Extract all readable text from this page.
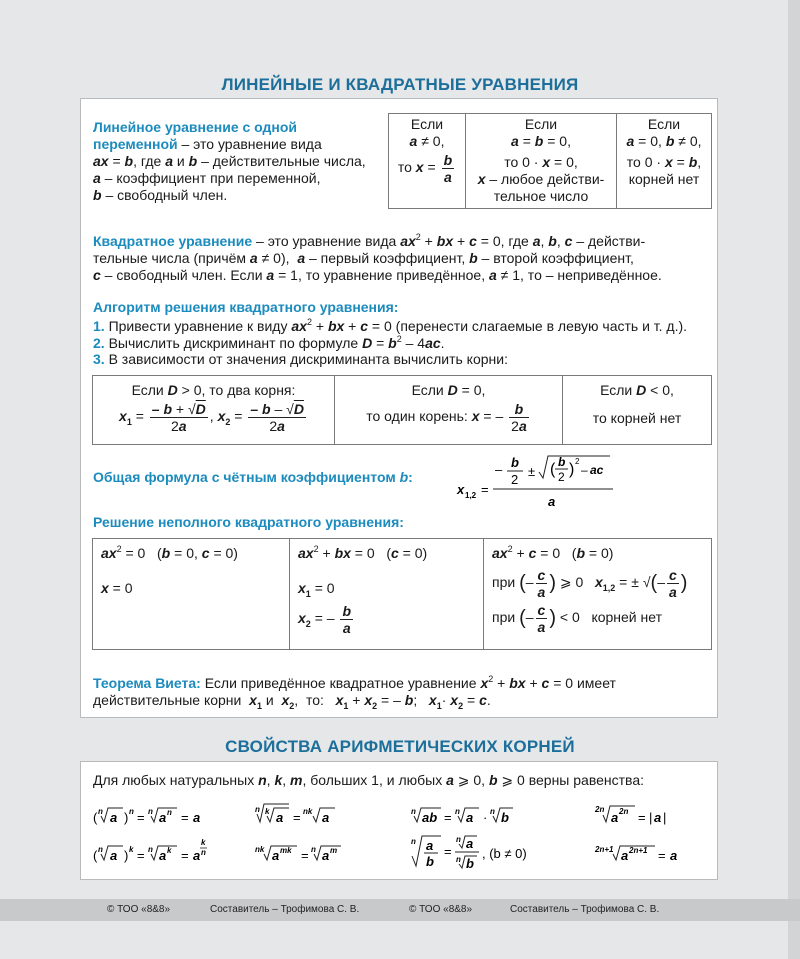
ЛИНЕЙНЫЕ И КВАДРАТНЫЕ УРАВНЕНИЯ
Линейное уравнение с одной
переменной – это уравнение вида
ax = b, где a и b – действительные числа,
a – коэффициент при переменной,
b – свободный член.
Если
a ≠ 0,
то $x = \frac{b}{a}$

Если
a = b = 0,
то 0 · x = 0,
x – любое действи-
тельное число

Если
a = 0, b ≠ 0,
то 0 · x = b,
корней нет
Квадратное уравнение – это уравнение вида $ax^2$ + bx + c = 0, где a, b, c – действи-
тельные числа (причём a ≠ 0),  a – первый коэффициент, b – второй коэффициент,
c – свободный член. Если a = 1, то уравнение приведённое, a ≠ 1, то – неприведённое.
Алгоритм решения квадратного уравнения:
1. Привести уравнение к виду $ax^2$ + bx + c = 0 (перенести слагаемые в левую часть и т. д.).
2. Вычислить дискриминант по формуле $D = b^2 - 4ac$.
3. В зависимости от значения дискриминанта вычислить корни:
Если D > 0, то два корня:
$x_1 = \frac{- b + √D}{2a}$ , $x_2 = \frac{- b - √D}{2a}$

Если D = 0,
то один корень: x = – $\frac{b}{2a}$

Если D < 0,
то корней нет
Общая формула с чётным коэффициентом b:
x 1,2 =
– b
2
± ( b
2 ) 2
– ac
a
Решение неполного квадратного уравнения:
$ax^2 = 0$   (b = 0, c = 0)
x = 0

$ax^2$ + bx = 0   (c = 0)
$x_1 = 0$
$x_2$ = – $\frac{b}{a}$

$ax^2 + c = 0$   (b = 0)
при (– $\frac{c}{a}$ ) ⩾ 0 $x_{1,2}$ = ± √(– $\frac{c}{a}$ )
при (– $\frac{c}{a}$ ) < 0 корней нет
Теорема Виета: Если приведённое квадратное уравнение $x^2$ + bx + c = 0 имеет
действительные корни $x_1$ и  $x_2$,  то: $x_1 + x_2$ = – b;   $x_1\cdot x_2 = c$.
СВОЙСТВА АРИФМЕТИЧЕСКИХ КОРНЕЙ
Для любых натуральных n, k, m, больших 1, и любых a ⩾ 0, b ⩾ 0 верны равенства:
( n a ) n = n a n = a
n k a = nk a	n ab = n a · n b
2n
a 2n = | a |
( n a ) k = n a k = a
k
n	nk a mk = n a m
n a
b
=
n a
n b
, (b ≠ 0)	2n+1 a 2n+1 = a
© ТОО «8&8»	Составитель – Трофимова С. В.	© ТОО «8&8»	Составитель – Трофимова С. В.
